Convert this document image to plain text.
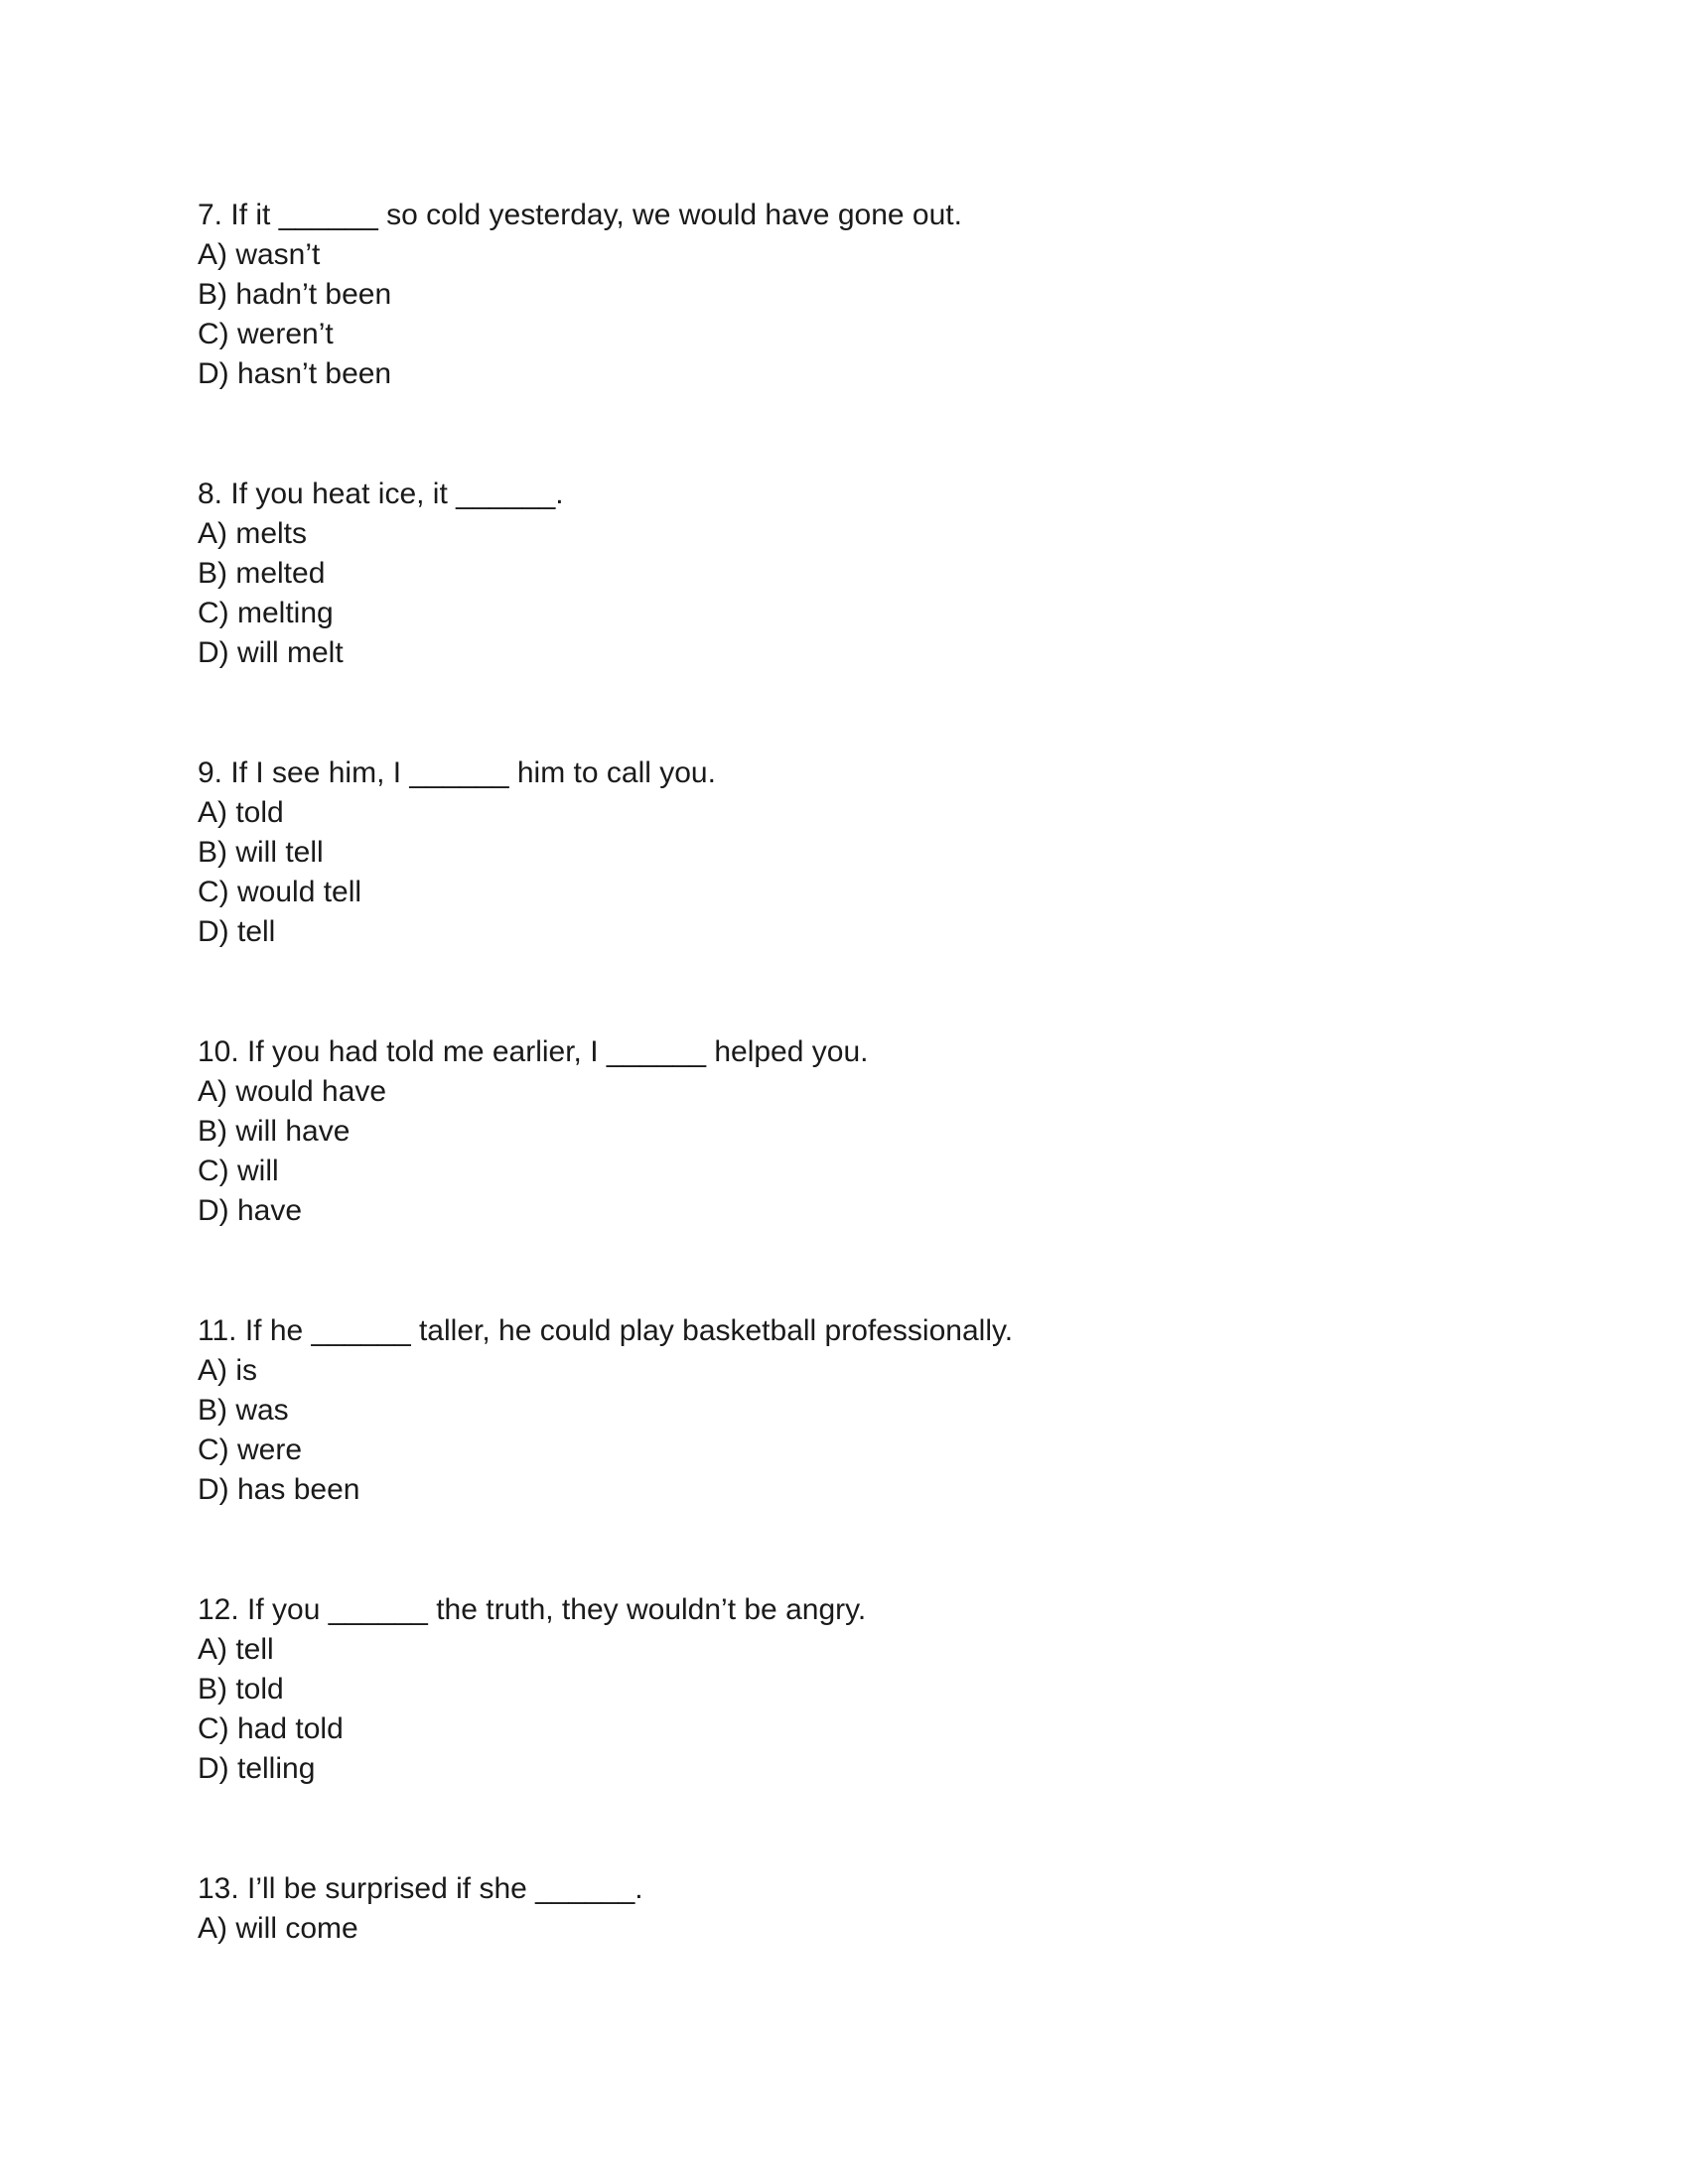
7. If it ______ so cold yesterday, we would have gone out.

A) wasn’t

B) hadn’t been

C) weren’t

D) hasn’t been

8. If you heat ice, it ______.

A) melts

B) melted

C) melting

D) will melt

9. If I see him, I ______ him to call you.

A) told

B) will tell

C) would tell

D) tell

10. If you had told me earlier, I ______ helped you.

A) would have

B) will have

C) will

D) have

11. If he ______ taller, he could play basketball professionally.

A) is

B) was

C) were

D) has been

12. If you ______ the truth, they wouldn’t be angry.

A) tell

B) told

C) had told

D) telling

13. I’ll be surprised if she ______.

A) will come
